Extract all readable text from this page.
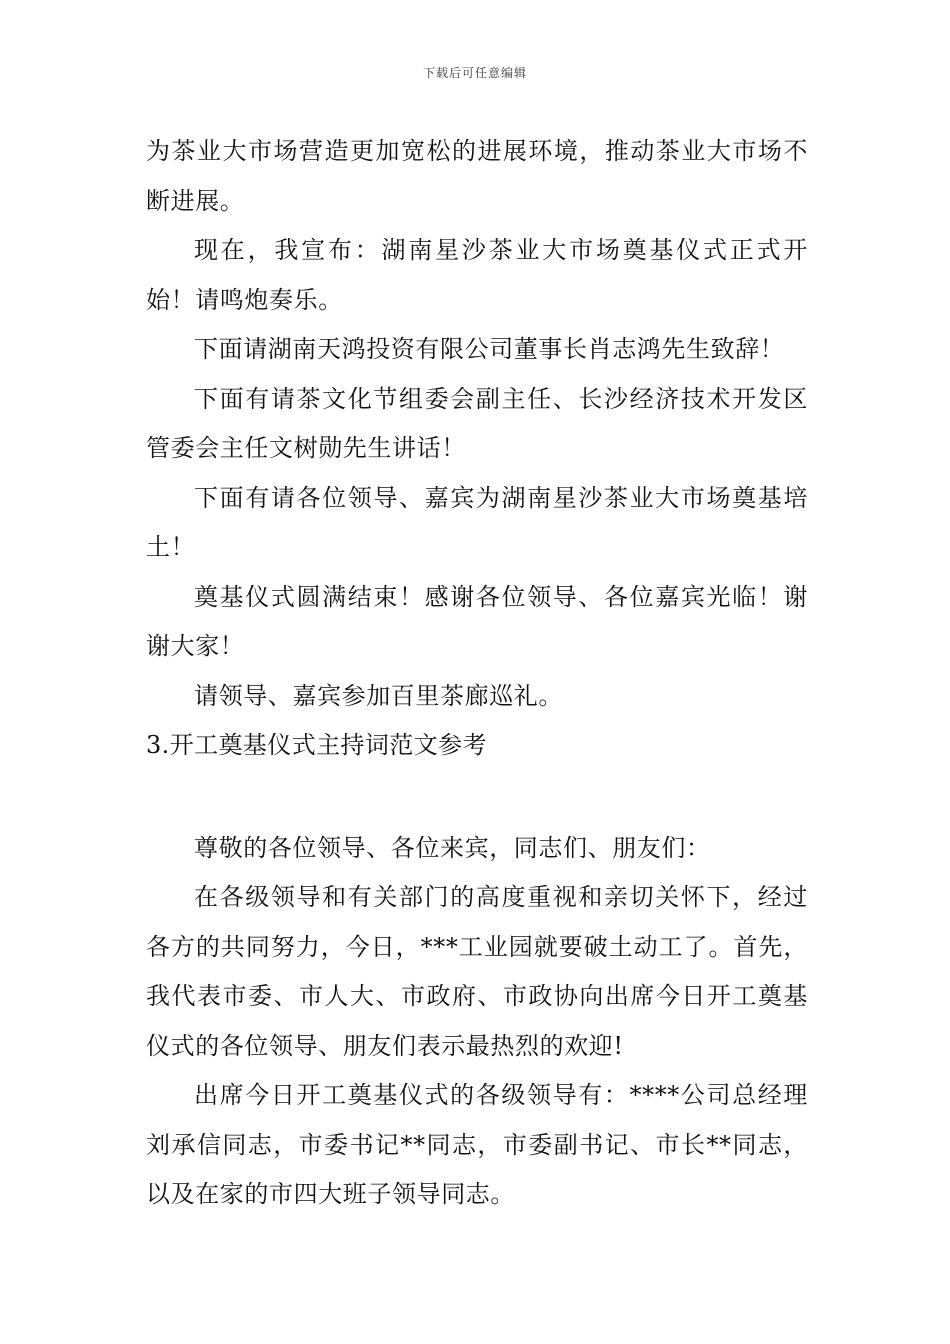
下载后可任意编辑

为茶业大市场营造更加宽松的进展环境，推动茶业大市场不断进展。

现在，我宣布：湖南星沙茶业大市场奠基仪式正式开始！请鸣炮奏乐。

下面请湖南天鸿投资有限公司董事长肖志鸿先生致辞！

下面有请茶文化节组委会副主任、长沙经济技术开发区管委会主任文树勋先生讲话！

下面有请各位领导、嘉宾为湖南星沙茶业大市场奠基培土！

奠基仪式圆满结束！感谢各位领导、各位嘉宾光临！谢谢大家！

请领导、嘉宾参加百里茶廊巡礼。

3.开工奠基仪式主持词范文参考

尊敬的各位领导、各位来宾，同志们、朋友们：

在各级领导和有关部门的高度重视和亲切关怀下，经过各方的共同努力，今日，***工业园就要破土动工了。首先，我代表市委、市人大、市政府、市政协向出席今日开工奠基仪式的各位领导、朋友们表示最热烈的欢迎!

出席今日开工奠基仪式的各级领导有：****公司总经理刘承信同志，市委书记**同志，市委副书记、市长**同志，以及在家的市四大班子领导同志。
